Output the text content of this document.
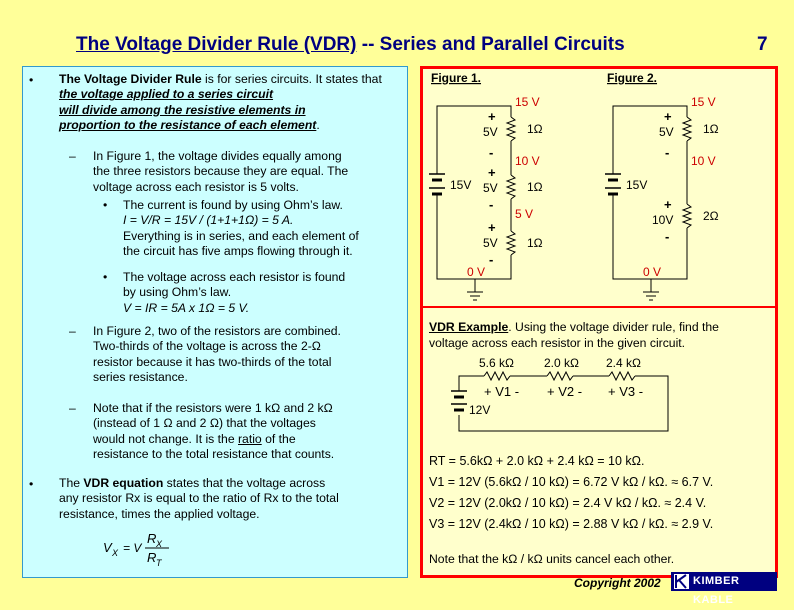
The Voltage Divider Rule (VDR) -- Series and Parallel Circuits	7
• The Voltage Divider Rule is for series circuits. It states that
the voltage applied to a series circuit
will divide among the resistive elements in
proportion to the resistance of each element.
– In Figure 1, the voltage divides equally among
the three resistors because they are equal. The
voltage across each resistor is 5 volts.
• The current is found by using Ohm’s law.
I = V/R = 15V / (1+1+1Ω) = 5 A.
Everything is in series, and each element of
the circuit has five amps flowing through it.
• The voltage across each resistor is found
by using Ohm’s law.
V = IR = 5A x 1Ω = 5 V.
– In Figure 2, two of the resistors are combined.
Two-thirds of the voltage is across the 2-Ω
resistor because it has two-thirds of the total
series resistance.
– Note that if the resistors were 1 kΩ and 2 kΩ
(instead of 1 Ω and 2 Ω) that the voltages
would not change. It is the ratio of the
resistance to the total resistance that counts.
• The VDR equation states that the voltage across
any resistor Rx is equal to the ratio of Rx to the total
resistance, times the applied voltage.
V X = V
R X
R T
Figure 1.	Figure 2.
15V	15V
15 V
10 V
5 V
0 V
15 V
10 V
0 V
1Ω
1Ω
1Ω
1Ω
2Ω
+
-
+
-
+
-
+
-
+
-
5V
5V
5V
5V
10V
VDR Example. Using the voltage divider rule, find the
voltage across each resistor in the given circuit.
5.6 kΩ	2.0 kΩ 2.4 kΩ
12V
+ V1 - + V2 - + V3 -
RT = 5.6kΩ + 2.0 kΩ + 2.4 kΩ = 10 kΩ.
V1 = 12V (5.6kΩ / 10 kΩ) = 6.72 V kΩ / kΩ. ≈ 6.7 V.
V2 = 12V (2.0kΩ / 10 kΩ) = 2.4 V kΩ / kΩ. ≈ 2.4 V.
V3 = 12V (2.4kΩ / 10 kΩ) = 2.88 V kΩ / kΩ. ≈ 2.9 V.
Note that the kΩ / kΩ units cancel each other.
Copyright 2002	KIMBER KABLE
